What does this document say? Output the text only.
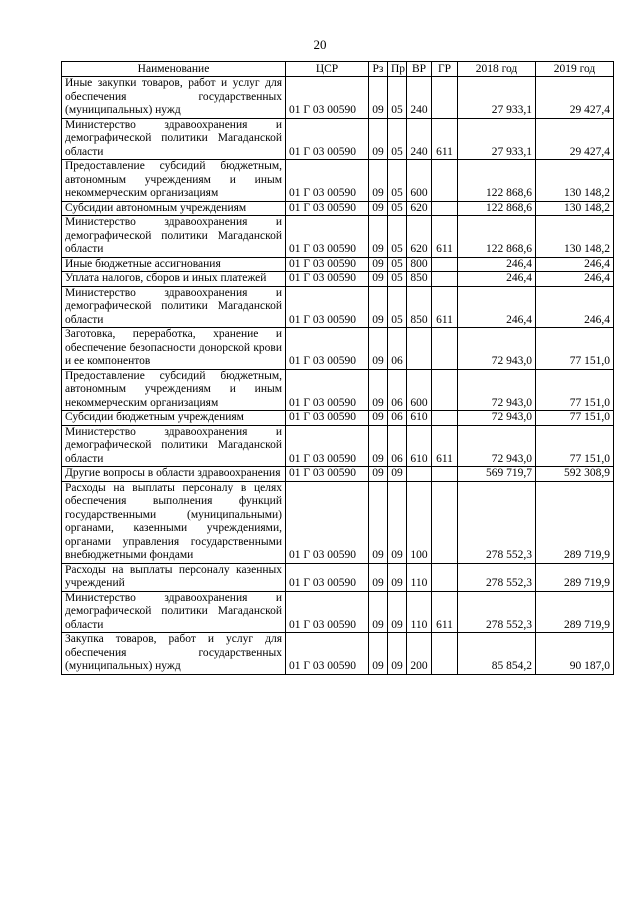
20
Наименование	ЦСР	Рз	Пр	ВР	ГР	2018 год	2019 год
Иные закупки товаров, работ и услуг для обеспечения государственных (муниципальных) нужд	01 Г 03 00590	09	05	240		27 933,1	29 427,4
Министерство здравоохранения и демографической политики Магаданской области	01 Г 03 00590	09	05	240	611	27 933,1	29 427,4
Предоставление субсидий бюджетным, автономным учреждениям и иным некоммерческим организациям	01 Г 03 00590	09	05	600		122 868,6	130 148,2
Субсидии автономным учреждениям	01 Г 03 00590	09	05	620		122 868,6	130 148,2
Министерство здравоохранения и демографической политики Магаданской области	01 Г 03 00590	09	05	620	611	122 868,6	130 148,2
Иные бюджетные ассигнования	01 Г 03 00590	09	05	800		246,4	246,4
Уплата налогов, сборов и иных платежей	01 Г 03 00590	09	05	850		246,4	246,4
Министерство здравоохранения и демографической политики Магаданской области	01 Г 03 00590	09	05	850	611	246,4	246,4
Заготовка, переработка, хранение и обеспечение безопасности донорской крови и ее компонентов	01 Г 03 00590	09	06			72 943,0	77 151,0
Предоставление субсидий бюджетным, автономным учреждениям и иным некоммерческим организациям	01 Г 03 00590	09	06	600		72 943,0	77 151,0
Субсидии бюджетным учреждениям	01 Г 03 00590	09	06	610		72 943,0	77 151,0
Министерство здравоохранения и демографической политики Магаданской области	01 Г 03 00590	09	06	610	611	72 943,0	77 151,0
Другие вопросы в области здравоохранения	01 Г 03 00590	09	09			569 719,7	592 308,9
Расходы на выплаты персоналу в целях обеспечения выполнения функций государственными (муниципальными) органами, казенными учреждениями, органами управления государственными внебюджетными фондами	01 Г 03 00590	09	09	100		278 552,3	289 719,9
Расходы на выплаты персоналу казенных учреждений	01 Г 03 00590	09	09	110		278 552,3	289 719,9
Министерство здравоохранения и демографической политики Магаданской области	01 Г 03 00590	09	09	110	611	278 552,3	289 719,9
Закупка товаров, работ и услуг для обеспечения государственных (муниципальных) нужд	01 Г 03 00590	09	09	200		85 854,2	90 187,0
